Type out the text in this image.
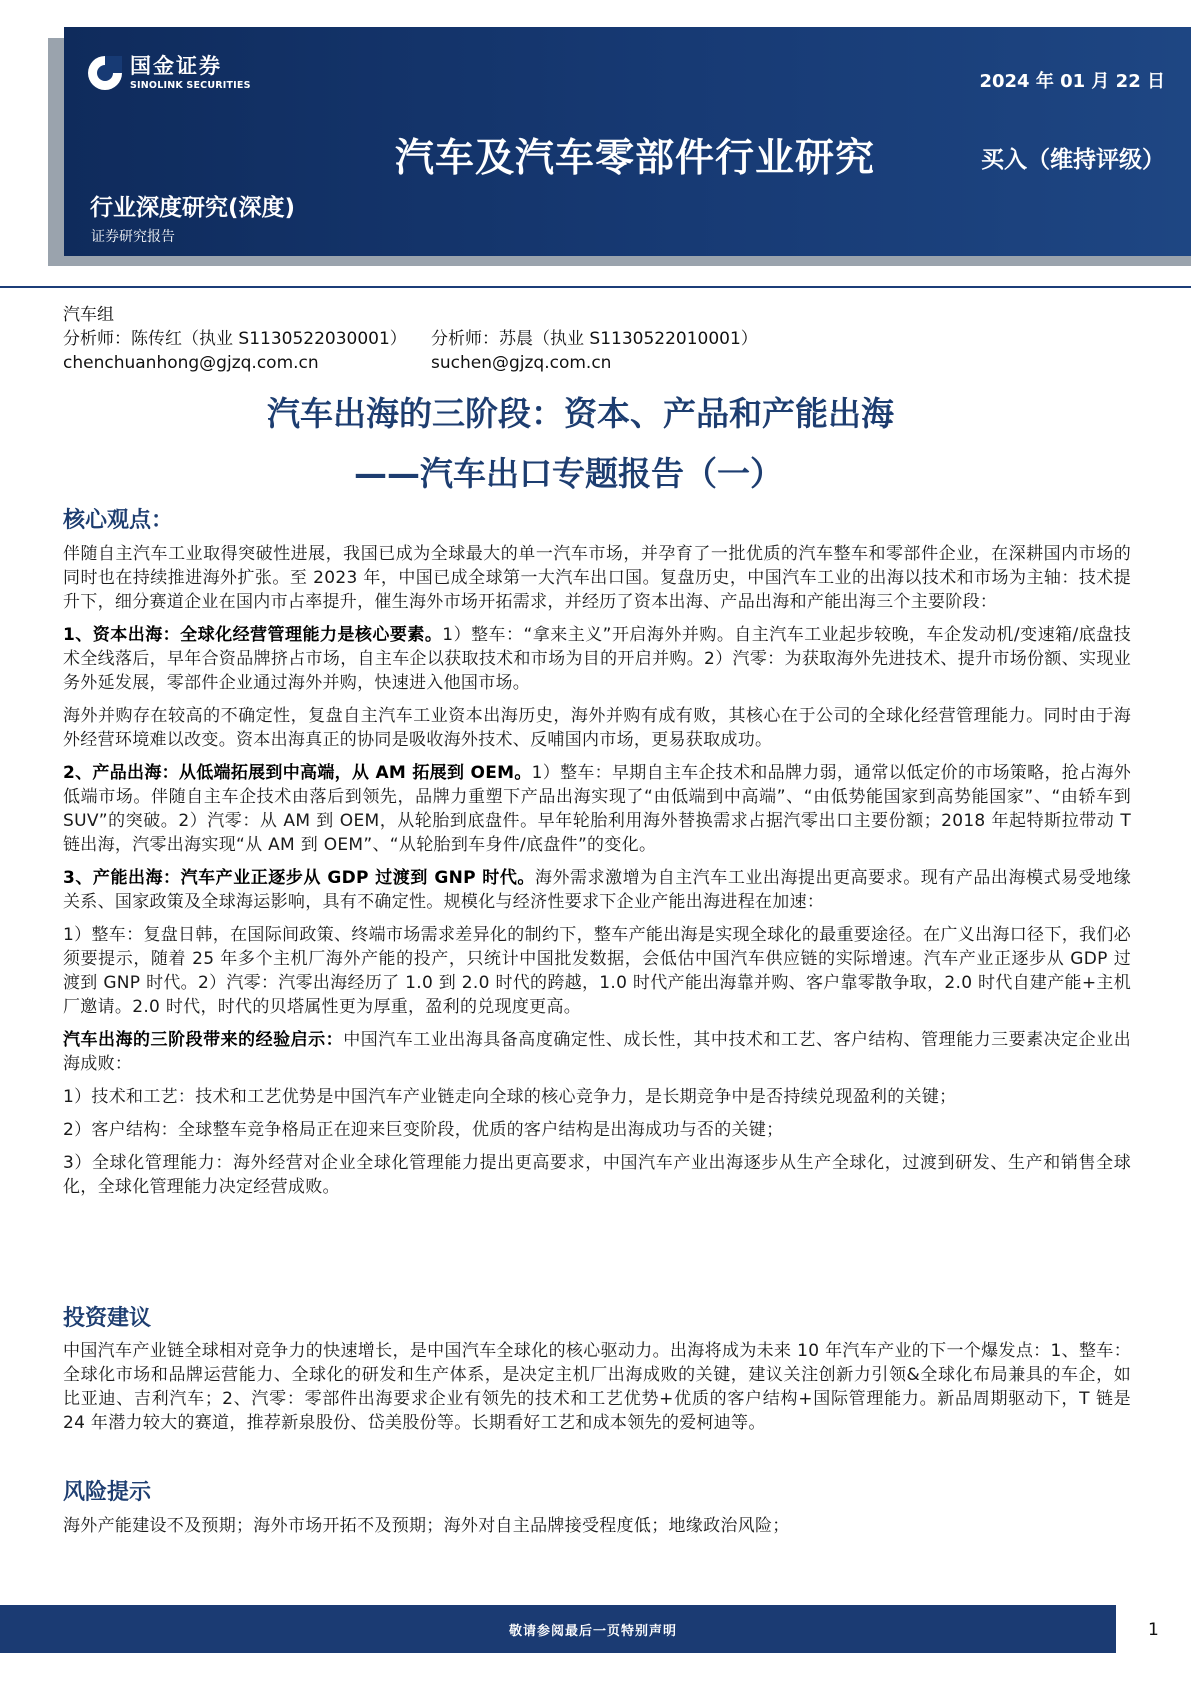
国金证券
SINOLINK SECURITIES	2024 年 01 月 22 日
汽车及汽车零部件行业研究	买入（维持评级）
行业深度研究(深度)
证券研究报告
汽车组
分析师：陈传红（执业 S1130522030001）	分析师：苏晨（执业 S1130522010001）
chenchuanhong@gjzq.com.cn	suchen@gjzq.com.cn
汽车出海的三阶段：资本、产品和产能出海
——汽车出口专题报告（一）
核心观点：

伴随自主汽车工业取得突破性进展，我国已成为全球最大的单一汽车市场，并孕育了一批优质的汽车整车和零部件企业，在深耕国内市场的同时也在持续推进海外扩张。至 2023 年，中国已成全球第一大汽车出口国。复盘历史，中国汽车工业的出海以技术和市场为主轴：技术提升下，细分赛道企业在国内市占率提升，催生海外市场开拓需求，并经历了资本出海、产品出海和产能出海三个主要阶段：

1、资本出海：全球化经营管理能力是核心要素。1）整车：“拿来主义”开启海外并购。自主汽车工业起步较晚，车企发动机/变速箱/底盘技术全线落后，早年合资品牌挤占市场，自主车企以获取技术和市场为目的开启并购。2）汽零：为获取海外先进技术、提升市场份额、实现业务外延发展，零部件企业通过海外并购，快速进入他国市场。

海外并购存在较高的不确定性，复盘自主汽车工业资本出海历史，海外并购有成有败，其核心在于公司的全球化经营管理能力。同时由于海外经营环境难以改变。资本出海真正的协同是吸收海外技术、反哺国内市场，更易获取成功。

2、产品出海：从低端拓展到中高端，从 AM 拓展到 OEM。1）整车：早期自主车企技术和品牌力弱，通常以低定价的市场策略，抢占海外低端市场。伴随自主车企技术由落后到领先，品牌力重塑下产品出海实现了“由低端到中高端”、“由低势能国家到高势能国家”、“由轿车到 SUV”的突破。2）汽零：从 AM 到 OEM，从轮胎到底盘件。早年轮胎利用海外替换需求占据汽零出口主要份额；2018 年起特斯拉带动 T 链出海，汽零出海实现“从 AM 到 OEM”、“从轮胎到车身件/底盘件”的变化。

3、产能出海：汽车产业正逐步从 GDP 过渡到 GNP 时代。海外需求激增为自主汽车工业出海提出更高要求。现有产品出海模式易受地缘关系、国家政策及全球海运影响，具有不确定性。规模化与经济性要求下企业产能出海进程在加速：

1）整车：复盘日韩，在国际间政策、终端市场需求差异化的制约下，整车产能出海是实现全球化的最重要途径。在广义出海口径下，我们必须要提示，随着 25 年多个主机厂海外产能的投产，只统计中国批发数据，会低估中国汽车供应链的实际增速。汽车产业正逐步从 GDP 过渡到 GNP 时代。2）汽零：汽零出海经历了 1.0 到 2.0 时代的跨越，1.0 时代产能出海靠并购、客户靠零散争取，2.0 时代自建产能+主机厂邀请。2.0 时代，时代的贝塔属性更为厚重，盈利的兑现度更高。

汽车出海的三阶段带来的经验启示：中国汽车工业出海具备高度确定性、成长性，其中技术和工艺、客户结构、管理能力三要素决定企业出海成败：

1）技术和工艺：技术和工艺优势是中国汽车产业链走向全球的核心竞争力，是长期竞争中是否持续兑现盈利的关键；

2）客户结构：全球整车竞争格局正在迎来巨变阶段，优质的客户结构是出海成功与否的关键；

3）全球化管理能力：海外经营对企业全球化管理能力提出更高要求，中国汽车产业出海逐步从生产全球化，过渡到研发、生产和销售全球化，全球化管理能力决定经营成败。

投资建议

中国汽车产业链全球相对竞争力的快速增长，是中国汽车全球化的核心驱动力。出海将成为未来 10 年汽车产业的下一个爆发点：1、整车：全球化市场和品牌运营能力、全球化的研发和生产体系，是决定主机厂出海成败的关键，建议关注创新力引领&全球化布局兼具的车企，如比亚迪、吉利汽车；2、汽零：零部件出海要求企业有领先的技术和工艺优势+优质的客户结构+国际管理能力。新品周期驱动下，T 链是 24 年潜力较大的赛道，推荐新泉股份、岱美股份等。长期看好工艺和成本领先的爱柯迪等。

风险提示

海外产能建设不及预期；海外市场开拓不及预期；海外对自主品牌接受程度低；地缘政治风险；

敬请参阅最后一页特别声明	1
